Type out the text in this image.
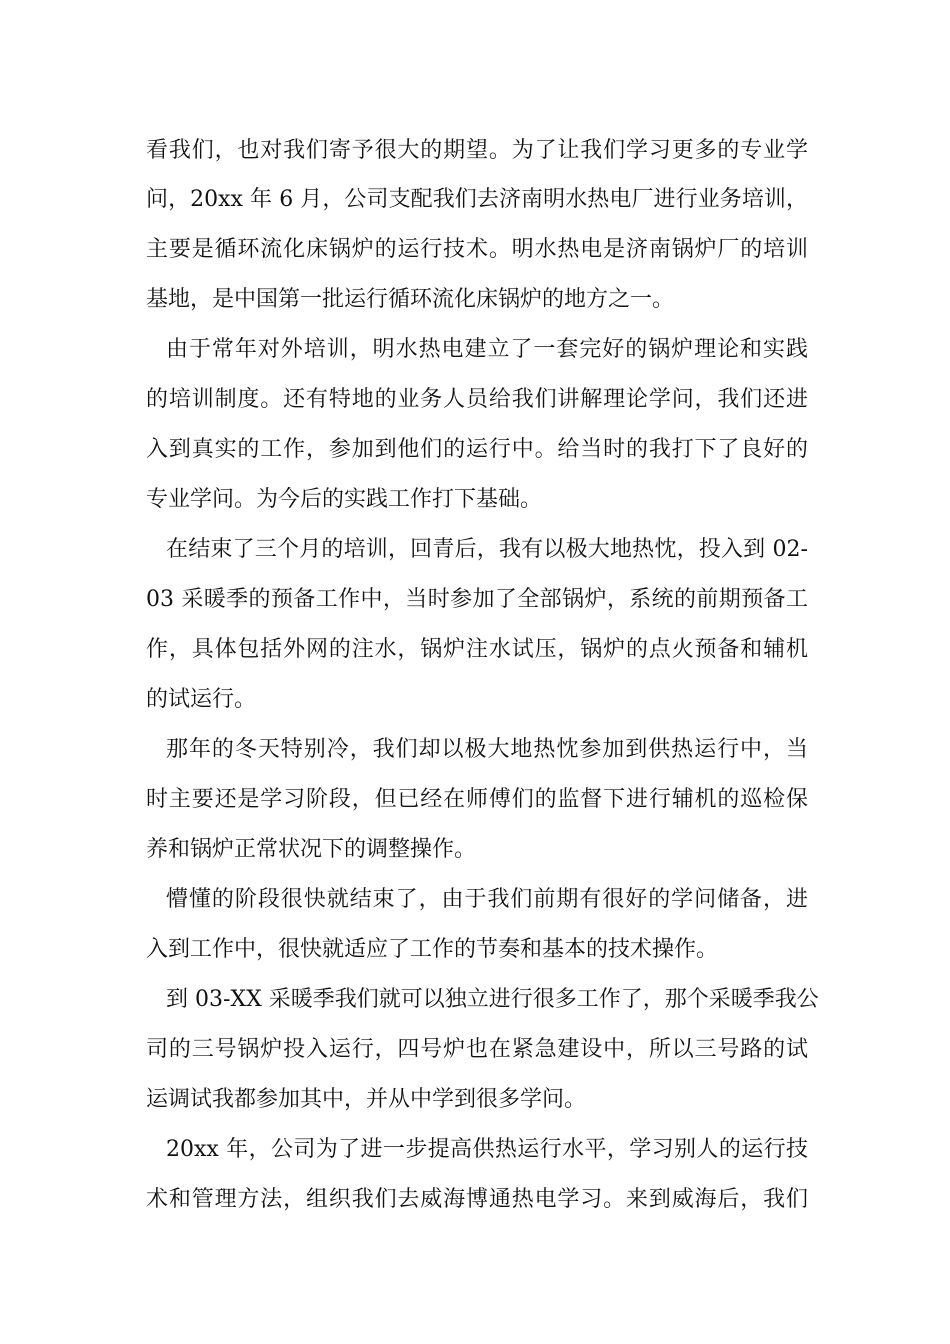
看我们，也对我们寄予很大的期望。为了让我们学习更多的专业学
问，20xx 年 6 月，公司支配我们去济南明水热电厂进行业务培训，
主要是循环流化床锅炉的运行技术。明水热电是济南锅炉厂的培训
基地，是中国第一批运行循环流化床锅炉的地方之一。
由于常年对外培训，明水热电建立了一套完好的锅炉理论和实践
的培训制度。还有特地的业务人员给我们讲解理论学问，我们还进
入到真实的工作，参加到他们的运行中。给当时的我打下了良好的
专业学问。为今后的实践工作打下基础。
在结束了三个月的培训，回青后，我有以极大地热忱，投入到 02-
03 采暖季的预备工作中，当时参加了全部锅炉，系统的前期预备工
作，具体包括外网的注水，锅炉注水试压，锅炉的点火预备和辅机
的试运行。
那年的冬天特别冷，我们却以极大地热忱参加到供热运行中，当
时主要还是学习阶段，但已经在师傅们的监督下进行辅机的巡检保
养和锅炉正常状况下的调整操作。
懵懂的阶段很快就结束了，由于我们前期有很好的学问储备，进
入到工作中，很快就适应了工作的节奏和基本的技术操作。
到 03-XX 采暖季我们就可以独立进行很多工作了，那个采暖季我公
司的三号锅炉投入运行，四号炉也在紧急建设中，所以三号路的试
运调试我都参加其中，并从中学到很多学问。
20xx 年，公司为了进一步提高供热运行水平，学习别人的运行技
术和管理方法，组织我们去威海博通热电学习。来到威海后，我们
